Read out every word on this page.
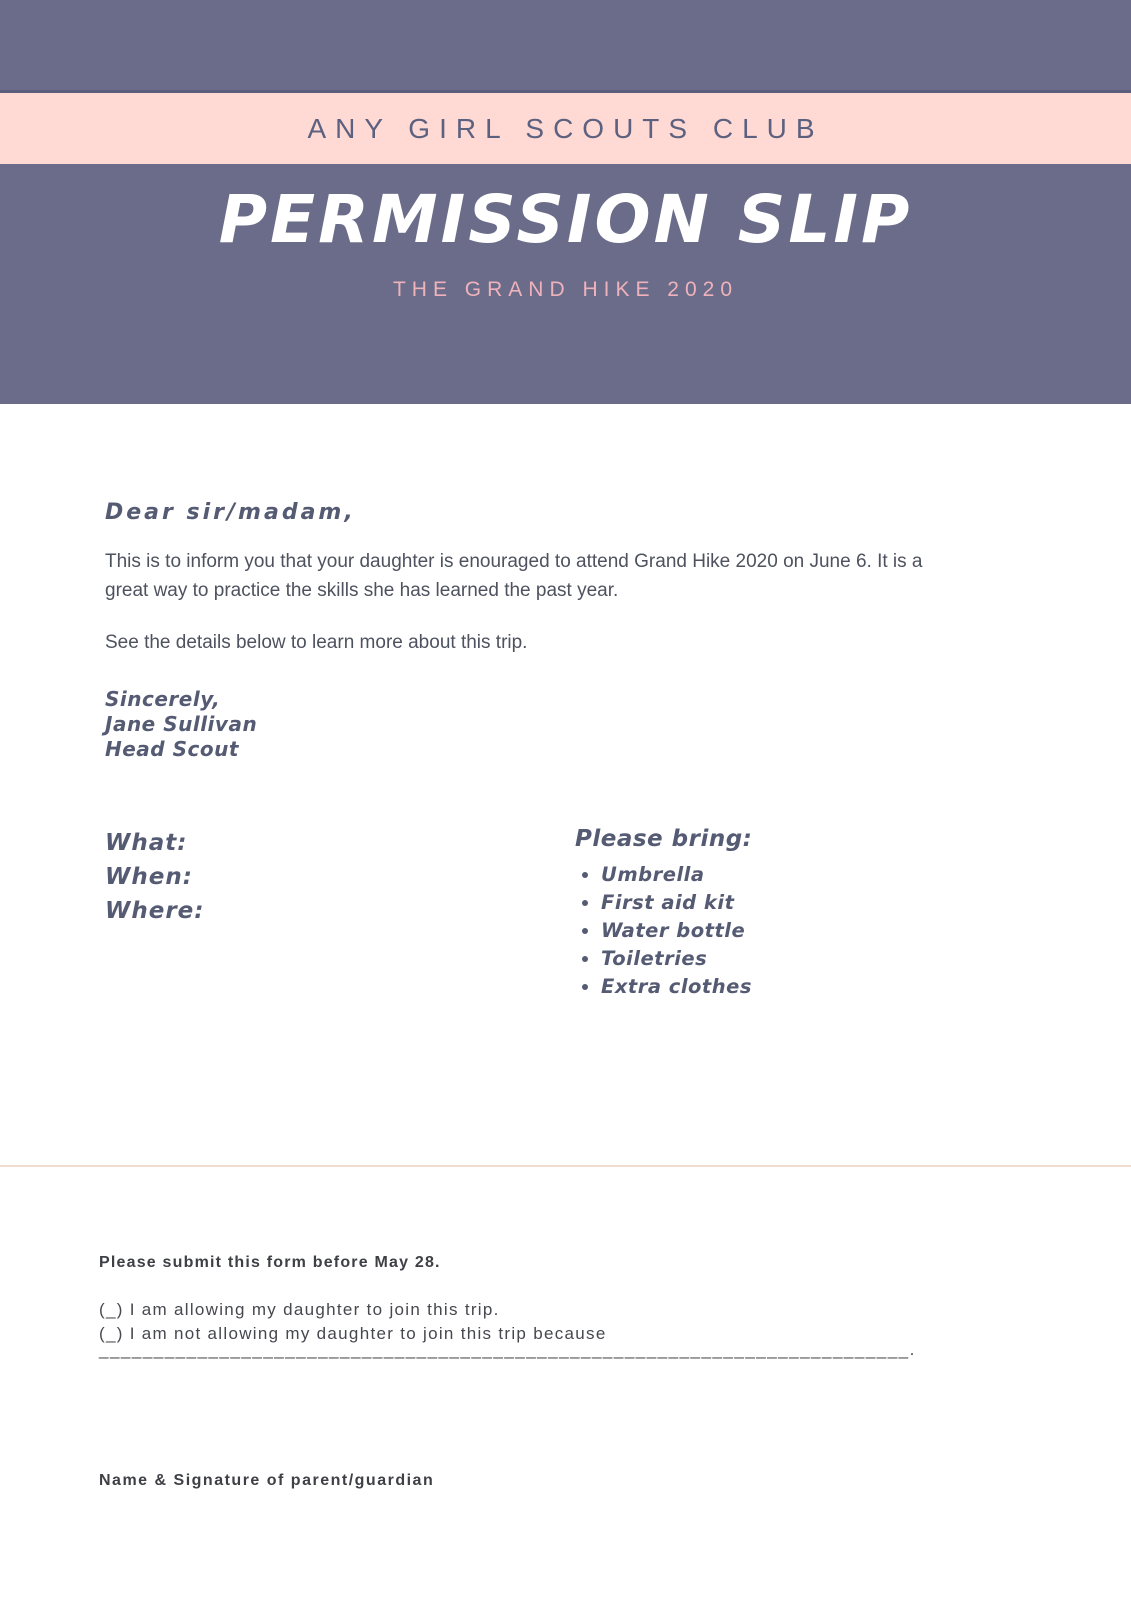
ANY GIRL SCOUTS CLUB
PERMISSION SLIP
THE GRAND HIKE 2020
Dear sir/madam,
This is to inform you that your daughter is enouraged to attend Grand Hike 2020 on June 6. It is a
great way to practice the skills she has learned the past year.
See the details below to learn more about this trip.
Sincerely,
Jane Sullivan
Head Scout
What:
When:
Where:
Please bring:
• Umbrella
• First aid kit
• Water bottle
• Toiletries
• Extra clothes
Please submit this form before May 28.
(_) I am allowing my daughter to join this trip.
(_) I am not allowing my daughter to join this trip because
__________________________________________________________________________.
Name & Signature of parent/guardian
